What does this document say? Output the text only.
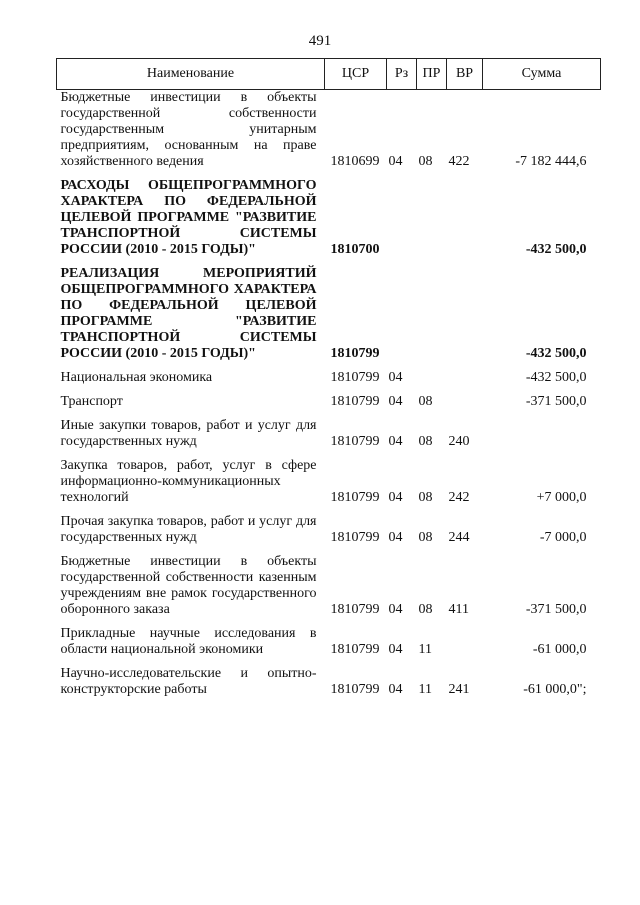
491
Наименование	ЦСР	Рз	ПР	ВР	Сумма
Бюджетные инвестиции в объекты государственной собственности государственным унитарным предприятиям, основанным на праве хозяйственного ведения	1810699	04	08	422	-7 182 444,6

РАСХОДЫ ОБЩЕПРОГРАММНОГО ХАРАКТЕРА ПО ФЕДЕРАЛЬНОЙ ЦЕЛЕВОЙ ПРОГРАММЕ "РАЗВИТИЕ ТРАНСПОРТНОЙ СИСТЕМЫ РОССИИ (2010 - 2015 ГОДЫ)"	1810700				-432 500,0

РЕАЛИЗАЦИЯ МЕРОПРИЯТИЙ ОБЩЕПРОГРАММНОГО ХАРАКТЕРА ПО ФЕДЕРАЛЬНОЙ ЦЕЛЕВОЙ ПРОГРАММЕ "РАЗВИТИЕ ТРАНСПОРТНОЙ СИСТЕМЫ РОССИИ (2010 - 2015 ГОДЫ)"	1810799				-432 500,0

Национальная экономика	1810799	04			-432 500,0

Транспорт	1810799	04	08		-371 500,0

Иные закупки товаров, работ и услуг для государственных нужд	1810799	04	08	240	

Закупка товаров, работ, услуг в сфере информационно-коммуникационных технологий	1810799	04	08	242	+7 000,0

Прочая закупка товаров, работ и услуг для государственных нужд	1810799	04	08	244	-7 000,0

Бюджетные инвестиции в объекты государственной собственности казенным учреждениям вне рамок государственного оборонного заказа	1810799	04	08	411	-371 500,0

Прикладные научные исследования в области национальной экономики	1810799	04	11		-61 000,0

Научно-исследовательские и опытно-конструкторские работы	1810799	04	11	241	-61 000,0";
